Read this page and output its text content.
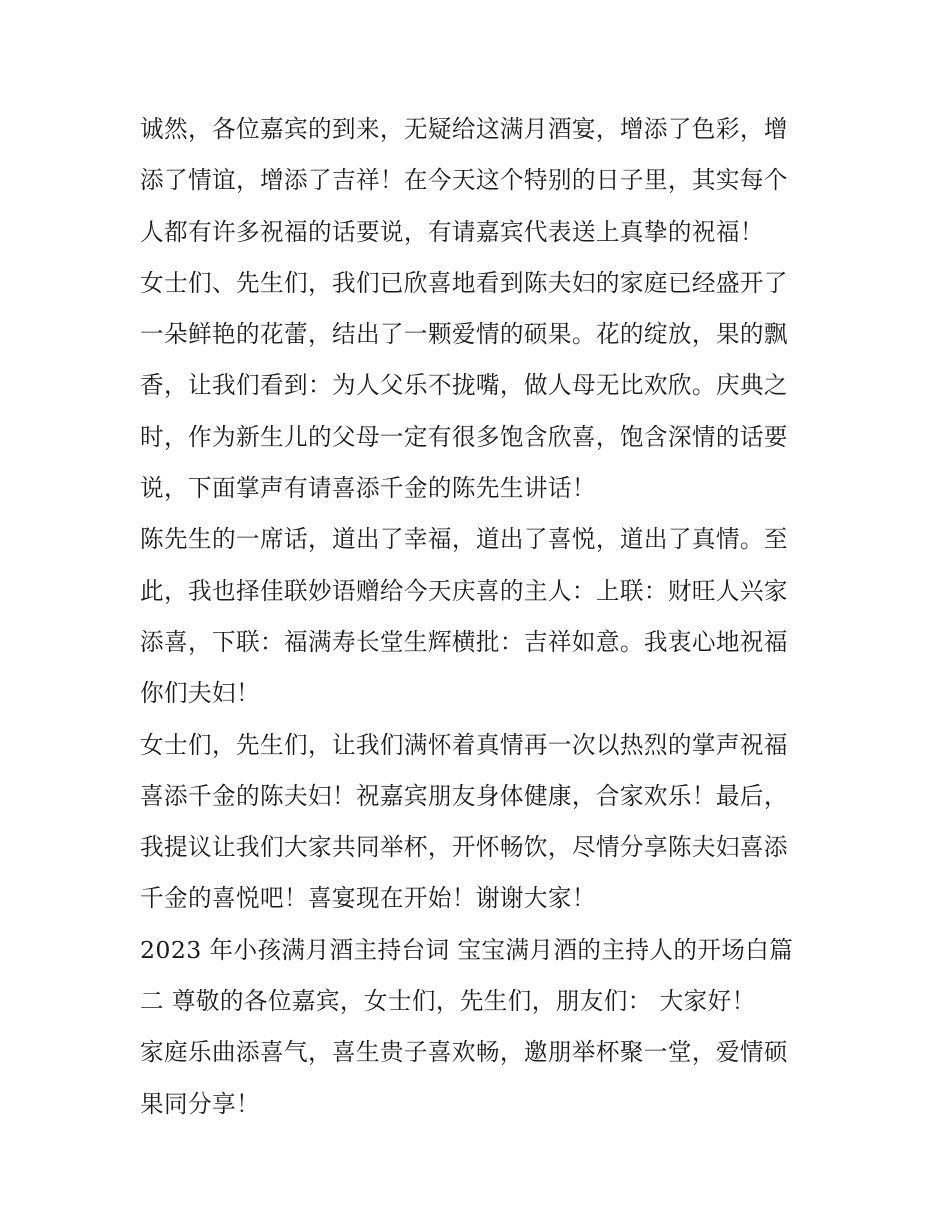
诚然，各位嘉宾的到来，无疑给这满月酒宴，增添了色彩，增
添了情谊，增添了吉祥！在今天这个特别的日子里，其实每个
人都有许多祝福的话要说，有请嘉宾代表送上真挚的祝福！
女士们、先生们，我们已欣喜地看到陈夫妇的家庭已经盛开了
一朵鲜艳的花蕾，结出了一颗爱情的硕果。花的绽放，果的飘
香，让我们看到：为人父乐不拢嘴，做人母无比欢欣。庆典之
时，作为新生儿的父母一定有很多饱含欣喜，饱含深情的话要
说，下面掌声有请喜添千金的陈先生讲话！
陈先生的一席话，道出了幸福，道出了喜悦，道出了真情。至
此，我也择佳联妙语赠给今天庆喜的主人：上联：财旺人兴家
添喜，下联：福满寿长堂生辉横批：吉祥如意。我衷心地祝福
你们夫妇！
女士们，先生们，让我们满怀着真情再一次以热烈的掌声祝福
喜添千金的陈夫妇！祝嘉宾朋友身体健康，合家欢乐！最后，
我提议让我们大家共同举杯，开怀畅饮，尽情分享陈夫妇喜添
千金的喜悦吧！喜宴现在开始！谢谢大家！
2023 年小孩满月酒主持台词 宝宝满月酒的主持人的开场白篇
二 尊敬的各位嘉宾，女士们，先生们，朋友们： 大家好！
家庭乐曲添喜气，喜生贵子喜欢畅，邀朋举杯聚一堂，爱情硕
果同分享！
